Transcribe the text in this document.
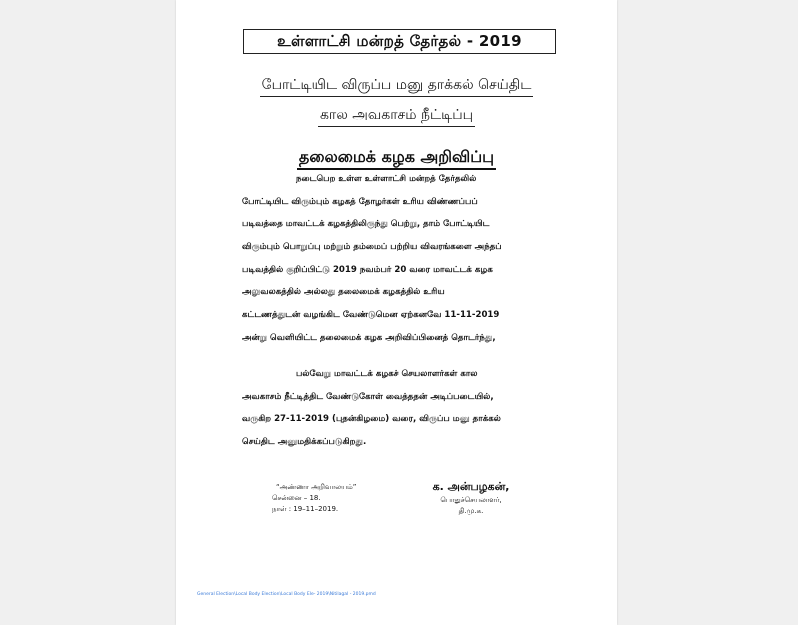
உள்ளாட்சி மன்றத் தேர்தல் - 2019
போட்டியிட விருப்ப மனு தாக்கல் செய்திட
கால அவகாசம் நீட்டிப்பு
தலைமைக் கழக அறிவிப்பு
நடைபெற உள்ள உள்ளாட்சி மன்றத் தேர்தலில்
போட்டியிட விரும்பும் கழகத் தோழர்கள் உரிய விண்ணப்பப்
படிவத்தை மாவட்டக் கழகத்திலிருந்து பெற்று, தாம் போட்டியிட
விரும்பும் பொறுப்பு மற்றும் தம்மைப் பற்றிய விவரங்களை அந்தப்
படிவத்தில் குறிப்பிட்டு 2019 நவம்பர் 20 வரை மாவட்டக் கழக
அலுவலகத்தில் அல்லது தலைமைக் கழகத்தில் உரிய
கட்டணத்துடன் வழங்கிட வேண்டுமென ஏற்கனவே 11-11-2019
அன்று வெளியிட்ட தலைமைக் கழக அறிவிப்பினைத் தொடர்ந்து,
பல்வேறு மாவட்டக் கழகச் செயலாளர்கள் கால
அவகாசம் நீட்டித்திட வேண்டுகோள் வைத்ததன் அடிப்படையில்,
வருகிற 27-11-2019 (புதன்கிழமை) வரை, விருப்ப மனு தாக்கல்
செய்திட அனுமதிக்கப்படுகிறது.
“அண்ணா அறிவாலயம்”
சென்னை – 18.
நாள் : 19–11–2019.
க. அன்பழகன்,
பொதுச்செயலாளர்,
தி.மு.க.
General Election\Local Body Election\Local Body Ele- 2019\Nitilagal - 2019.pmd
